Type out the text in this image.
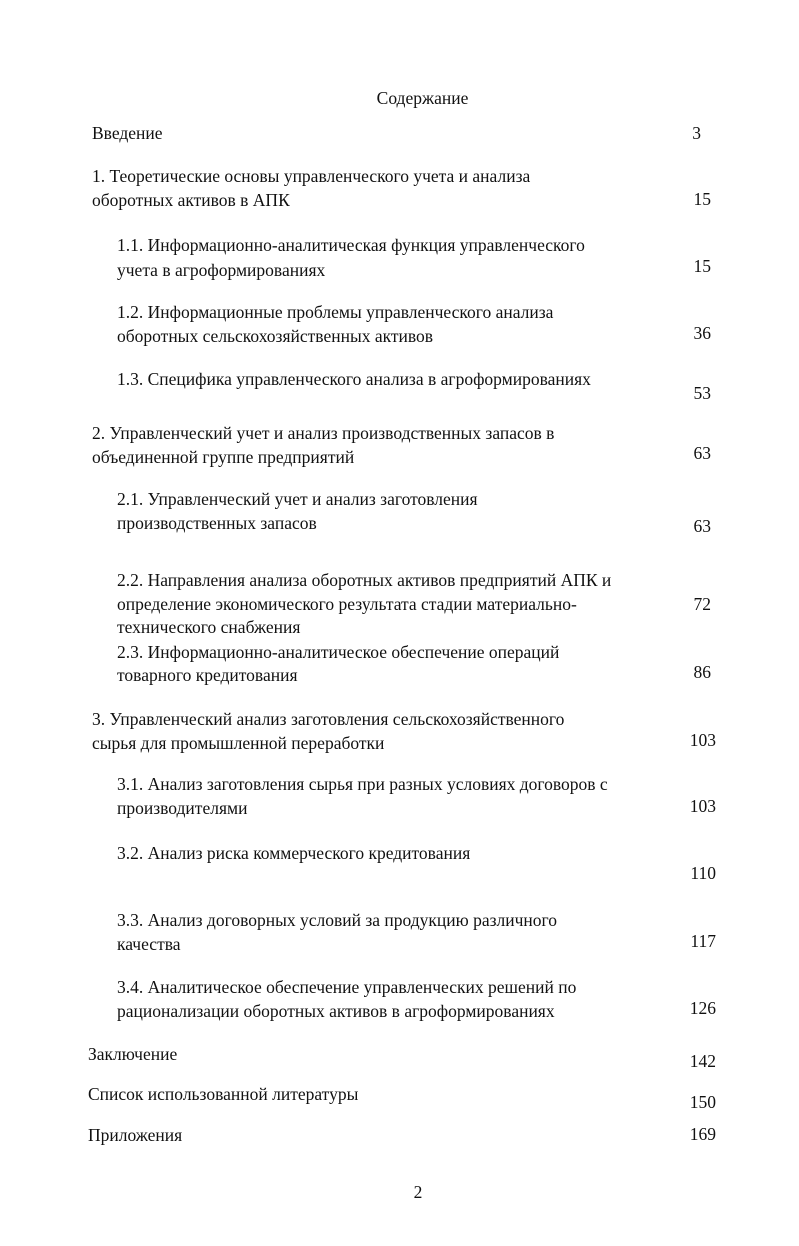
Содержание
Введение	3
1. Теоретические основы управленческого учета и анализа
оборотных активов в АПК	15
1.1. Информационно-аналитическая функция управленческого
учета в агроформированиях	15
1.2. Информационные проблемы управленческого анализа
оборотных сельскохозяйственных активов	36
1.3. Специфика управленческого анализа в агроформированиях
53
2. Управленческий учет и анализ производственных запасов в
объединенной группе предприятий	63
2.1. Управленческий учет и анализ заготовления
производственных запасов	63
2.2. Направления анализа оборотных активов предприятий АПК и
определение экономического результата стадии материально-
технического снабжения
72
2.3. Информационно-аналитическое обеспечение операций
товарного кредитования	86
3. Управленческий анализ заготовления сельскохозяйственного
сырья для промышленной переработки	103
3.1. Анализ заготовления сырья при разных условиях договоров с
производителями	103
3.2. Анализ риска коммерческого кредитования
110
3.3. Анализ договорных условий за продукцию различного
качества	117
3.4. Аналитическое обеспечение управленческих решений по
рационализации оборотных активов в агроформированиях	126
Заключение	142
Список использованной литературы	150
Приложения	169
2
